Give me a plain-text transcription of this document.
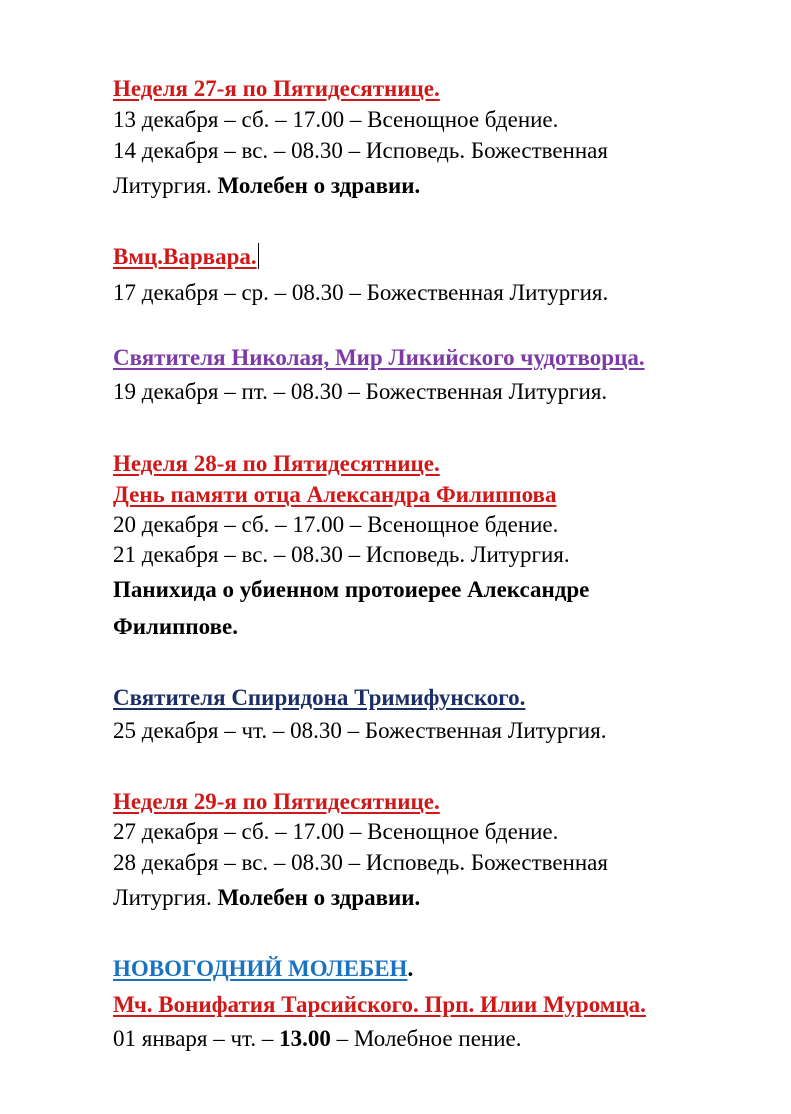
Неделя 27-я по Пятидесятнице.
13 декабря – сб. – 17.00 – Всенощное бдение.
14 декабря – вс. – 08.30 – Исповедь. Божественная
Литургия. Молебен о здравии.
Вмц.Варвара.
17 декабря – ср. – 08.30 – Божественная Литургия.
Святителя Николая, Мир Ликийского чудотворца.
19 декабря – пт. – 08.30 – Божественная Литургия.
Неделя 28-я по Пятидесятнице.
День памяти отца Александра Филиппова
20 декабря – сб. – 17.00 – Всенощное бдение.
21 декабря – вс. – 08.30 – Исповедь. Литургия.
Панихида о убиенном протоиерее Александре
Филиппове.
Святителя Спиридона Тримифунского.
25 декабря – чт. – 08.30 – Божественная Литургия.
Неделя 29-я по Пятидесятнице.
27 декабря – сб. – 17.00 – Всенощное бдение.
28 декабря – вс. – 08.30 – Исповедь. Божественная
Литургия. Молебен о здравии.
НОВОГОДНИЙ МОЛЕБЕН.
Мч. Вонифатия Тарсийского. Прп. Илии Муромца.
01 января – чт. – 13.00 – Молебное пение.
